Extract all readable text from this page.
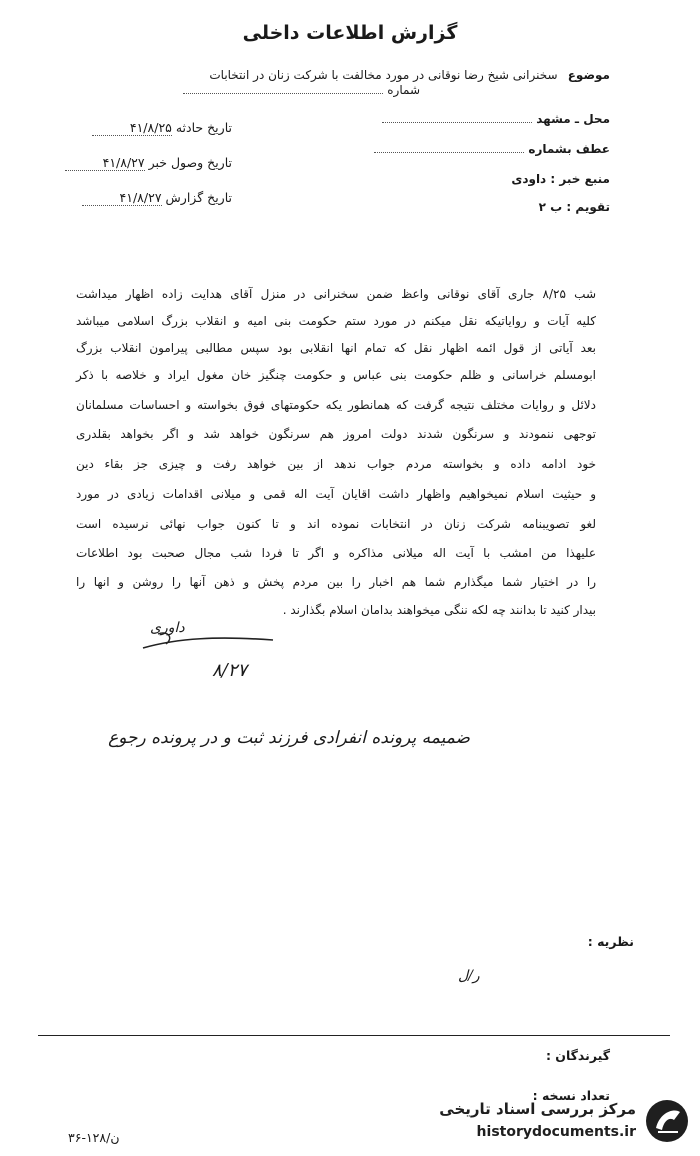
گزارش اطلاعات داخلی
موضوع سخنرانی شیخ رضا نوقانی در مورد مخالفت با شرکت زنان در انتخابات
شماره
محل ـ مشهد
عطف بشماره
منبع خبر : داودی
تقویم : ب ۲
تاریخ حادثه ۴۱/۸/۲۵
تاریخ وصول خبر ۴۱/۸/۲۷
تاریخ گزارش ۴۱/۸/۲۷
شب ۸/۲۵ جاری آقای نوقانی واعظ ضمن سخنرانی در منزل آقای هدایت زاده اظهار میداشت
کلیه آیات و روایاتیکه نقل میکنم در مورد ستم حکومت بنی امیه و انقلاب بزرگ اسلامی میباشد
بعد آیاتی از قول ائمه اظهار نقل که تمام انها انقلابی بود سپس مطالبی پیرامون انقلاب بزرگ
ابومسلم خراسانی و ظلم حکومت بنی عباس و حکومت چنگیز خان مغول ایراد و خلاصه با ذکر
دلائل و روایات مختلف نتیجه گرفت که همانطور یکه حکومتهای فوق بخواسته و احساسات مسلمانان
توجهی ننمودند و سرنگون شدند دولت امروز هم سرنگون خواهد شد و اگر بخواهد بقلدری
خود ادامه داده و بخواسته مردم جواب ندهد از بین خواهد رفت و چیزی جز بقاء دین
و حیثیت اسلام نمیخواهیم واظهار داشت اقایان آیت اله قمی و میلانی اقدامات زیادی در مورد
لغو تصویبنامه شرکت زنان در انتخابات نموده اند و تا کنون جواب نهائی نرسیده است
علیهذا من امشب با آیت اله میلانی مذاکره و اگر تا فردا شب مجال صحبت بود اطلاعات
را در اختیار شما میگذارم شما هم اخبار را بین مردم پخش و ذهن آنها را روشن و انها را
بیدار کنید تا بدانند چه لکه ننگی میخواهند بدامان اسلام بگذارند .
داوری
۸/۲۷
ضمیمه پرونده انفرادی فرزند ثبت و در پرونده رجوع
نظریه :
ر/ل
گیرندگان :
تعداد نسخه :
ن/۱۲۸-۳۶
مرکز بررسی اسناد تاریخی
historydocuments.ir
